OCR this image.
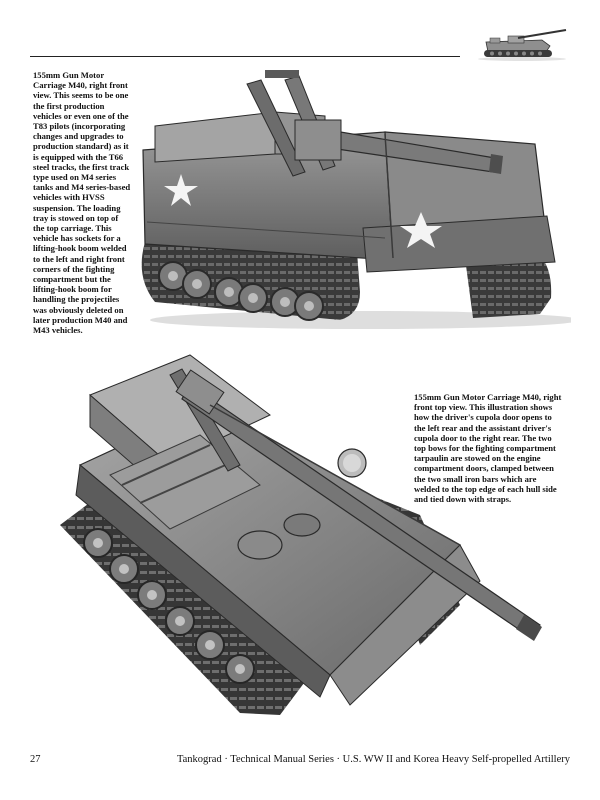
155mm Gun Motor Carriage M40, right front view. This seems to be one the first production vehicles or even one of the T83 pilots (incorporating changes and upgrades to production standard) as it is equipped with the T66 steel tracks, the first track type used on M4 series tanks and M4 series-based vehicles with HVSS suspension. The loading tray is stowed on top of the top carriage. This vehicle has sockets for a lifting-hook boom welded to the left and right front corners of the fighting compartment but the lifting-hook boom for handling the projectiles was obviously deleted on later production M40 and M43 vehicles.
155mm Gun Motor Carriage M40, right front top view. This illustration shows how the driver's cupola door opens to the left rear and the assistant driver's cupola door to the right rear. The two top bows for the fighting compartment tarpaulin are stowed on the engine compartment doors, clamped between the two small iron bars which are welded to the top edge of each hull side and tied down with straps.
27	Tankograd · Technical Manual Series · U.S. WW II and Korea Heavy Self-propelled Artillery
